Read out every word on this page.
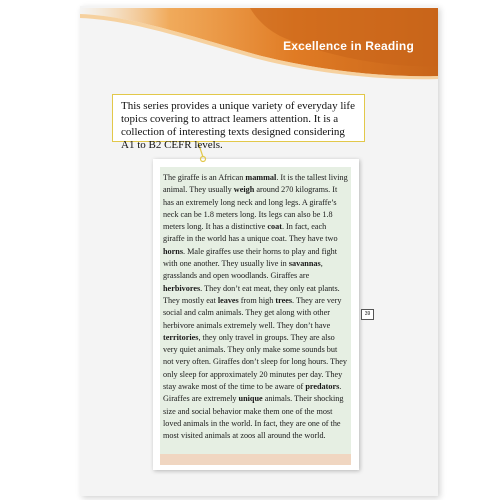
Excellence in Reading
This series provides a unique variety of everyday life topics covering to attract leamers attention. It is a collection of interesting texts designed considering A1 to B2 CEFR levels.
The giraffe is an African mammal. It is the tallest living animal. They usually weigh around 270 kilograms. It has an extremely long neck and long legs. A giraffe’s neck can be 1.8 meters long. Its legs can also be 1.8 meters long. It has a distinctive coat. In fact, each giraffe in the world has a unique coat. They have two horns. Male giraffes use their horns to play and fight with one another. They usually live in savannas, grasslands and open woodlands. Giraffes are herbivores. They don’t eat meat, they only eat plants. They mostly eat leaves from high trees. They are very social and calm animals. They get along with other herbivore animals extremely well. They don’t have territories, they only travel in groups. They are also very quiet animals. They only make some sounds but not very often. Giraffes don’t sleep for long hours. They only sleep for approximately 20 minutes per day. They stay awake most of the time to be aware of predators.
Giraffes are extremely unique animals. Their shocking size and social behavior make them one of the most loved animals in the world. In fact, they are one of the most visited animals at zoos all around the world.
39
